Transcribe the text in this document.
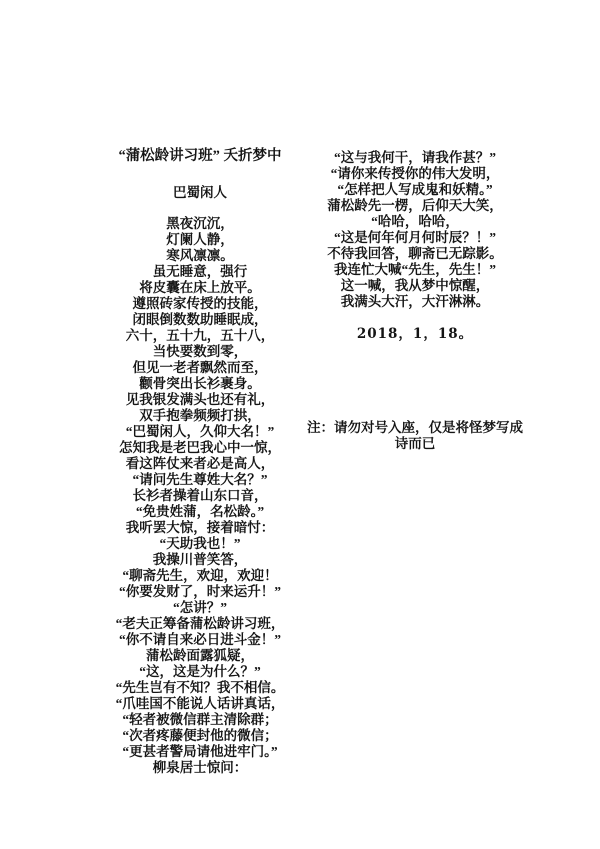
“蒲松龄讲习班” 夭折梦中
巴蜀闲人
黑夜沉沉，
灯阑人静，
寒风凛凛。
虽无睡意，强行
将皮囊在床上放平。
遵照砖家传授的技能，
闭眼倒数数助睡眠成，
六十，五十九，五十八，
当快要数到零，
但见一老者飘然而至，
颧骨突出长衫裹身。
见我银发满头也还有礼，
双手抱拳频频打拱，
“巴蜀闲人，久仰大名！”
怎知我是老巴我心中一惊，
看这阵仗来者必是高人，
“请问先生尊姓大名？”
长衫者操着山东口音，
“免贵姓蒲，名松龄。”
我听罢大惊，接着暗忖：
“天助我也！”
我操川普笑答，
“聊斋先生，欢迎，欢迎！
“你要发财了，时来运升！”
“怎讲？”
“老夫正筹备蒲松龄讲习班，
“你不请自来必日进斗金！”
蒲松龄面露狐疑，
“这，这是为什么？”
“先生岂有不知？我不相信。
“爪哇国不能说人话讲真话，
“轻者被微信群主清除群；
“次者疼藤便封他的微信；
“更甚者警局请他进牢门。”
柳泉居士惊问：
“这与我何干，请我作甚？”
“请你来传授你的伟大发明，
“怎样把人写成鬼和妖精。”
蒲松龄先一楞，后仰天大笑，
“哈哈，哈哈，
“这是何年何月何时辰？！”
不待我回答，聊斋已无踪影。
我连忙大喊“先生，先生！”
这一喊，我从梦中惊醒，
我满头大汗，大汗淋淋。
2018，1，18。
注：请勿对号入座，仅是将怪梦写成
诗而已
